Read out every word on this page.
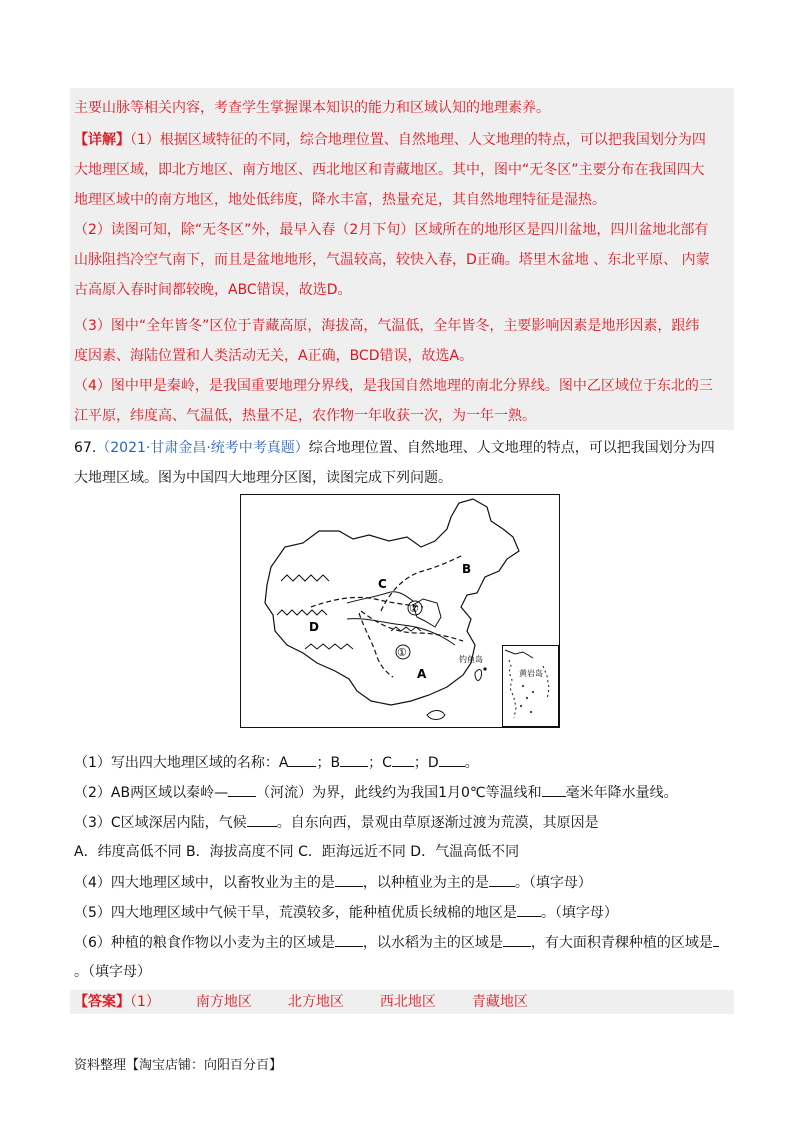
主要山脉等相关内容，考查学生掌握课本知识的能力和区域认知的地理素养。
【详解】（1）根据区域特征的不同，综合地理位置、自然地理、人文地理的特点，可以把我国划分为四
大地理区域，即北方地区、南方地区、西北地区和青藏地区。其中，图中“无冬区”主要分布在我国四大
地理区域中的南方地区，地处低纬度，降水丰富，热量充足，其自然地理特征是湿热。
（2）读图可知，除“无冬区”外，最早入春（2月下旬）区域所在的地形区是四川盆地，四川盆地北部有
山脉阻挡冷空气南下，而且是盆地地形，气温较高，较快入春，D正确。塔里木盆地 、东北平原、 内蒙
古高原入春时间都较晚，ABC错误，故选D。
（3）图中“全年皆冬”区位于青藏高原，海拔高，气温低，全年皆冬，主要影响因素是地形因素，跟纬
度因素、海陆位置和人类活动无关，A正确，BCD错误，故选A。
（4）图中甲是秦岭，是我国重要地理分界线，是我国自然地理的南北分界线。图中乙区域位于东北的三
江平原，纬度高、气温低，热量不足，农作物一年收获一次，为一年一熟。
67.（2021·甘肃金昌·统考中考真题）综合地理位置、自然地理、人文地理的特点，可以把我国划分为四
大地理区域。图为中国四大地理分区图，读图完成下列问题。
C
B
D
A
②
①
钓鱼岛
黄岩岛
（1）写出四大地理区域的名称：A ；B ；C ；D 。
（2）AB两区域以秦岭— （河流）为界，此线约为我国1月0℃等温线和 毫米年降水量线。
（3）C区域深居内陆，气候 。自东向西，景观由草原逐渐过渡为荒漠，其原因是
A．纬度高低不同 B．海拔高度不同 C．距海远近不同 D．气温高低不同
（4）四大地理区域中，以畜牧业为主的是 ，以种植业为主的是 。（填字母）
（5）四大地理区域中气候干旱，荒漠较多，能种植优质长绒棉的地区是 。（填字母）
（6）种植的粮食作物以小麦为主的区域是 ，以水稻为主的区域是 ，有大面积青稞种植的区域是
。（填字母）
【答案】（1）	南方地区	北方地区	西北地区	青藏地区
资料整理【淘宝店铺：向阳百分百】
